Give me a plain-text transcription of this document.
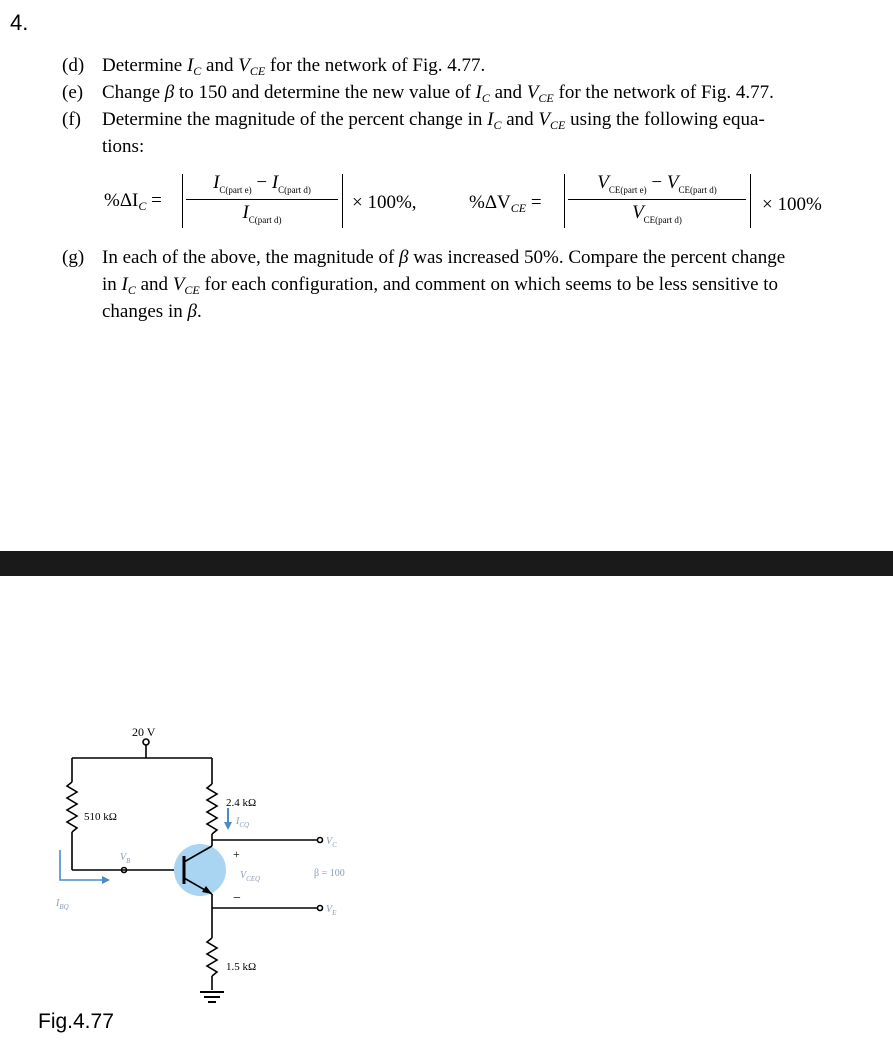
4.
(d) Determine $I_C$ and $V_{CE}$ for the network of Fig. 4.77.
(e) Change β to 150 and determine the new value of $I_C$ and $V_{CE}$ for the network of Fig. 4.77.
(f) Determine the magnitude of the percent change in $I_C$ and $V_{CE}$ using the following equa-
tions:
$\%\Delta I_C$ =
$I_{C(part e)} - I_{C(part d)}$
$I_{C(part d)}$
× 100%,	$\%\Delta V_{CE}$ =
$V_{CE(part e)} - V_{CE(part d)}$
$V_{CE(part d)}$
× 100%
(g) In each of the above, the magnitude of β was increased 50%. Compare the percent change
in $I_C$ and $V_{CE}$ for each configuration, and comment on which seems to be less sensitive to
changes in β.
20 V
510 kΩ
2.4 kΩ
1.5 kΩ
$I_{CQ}$
$V_B$
$V_C$
$V_E$
$V_{CEQ}$
$I_{BQ}$
β = 100
+
−
Fig.4.77
